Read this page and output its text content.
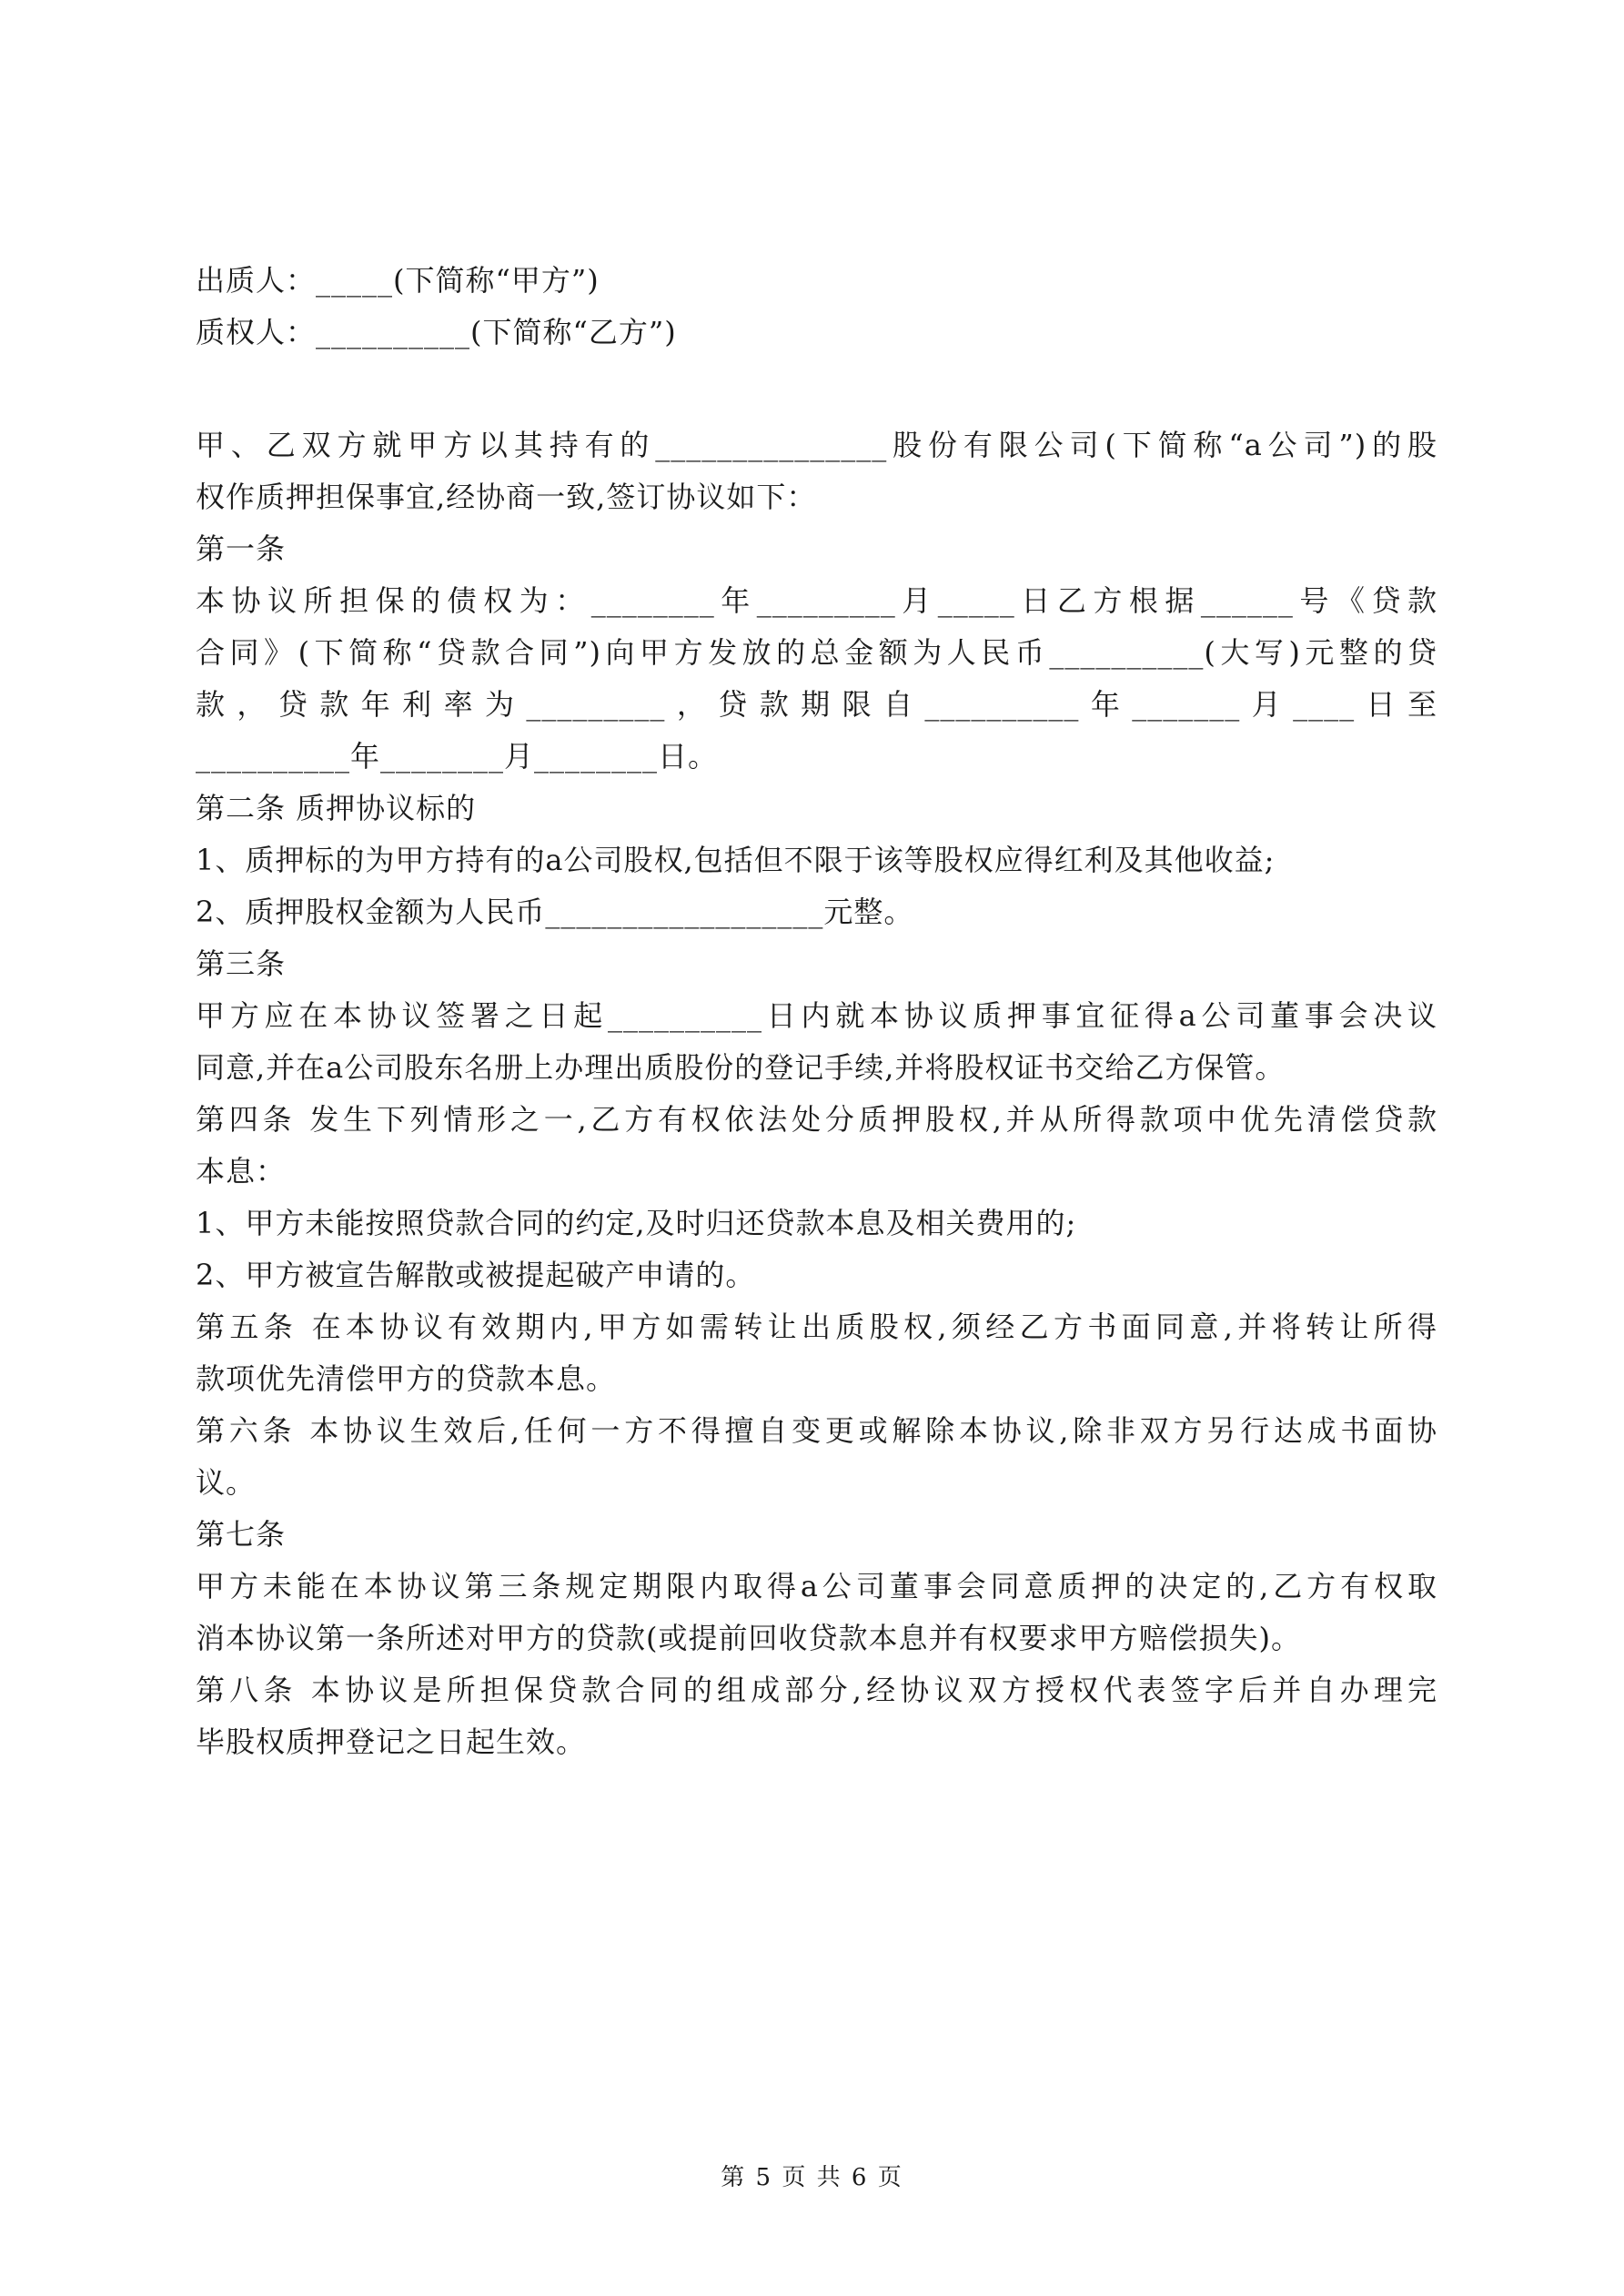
出质人：_____(下简称“甲方”)
质权人：__________(下简称“乙方”)
甲、乙双方就甲方以其持有的_______________股份有限公司(下简称“a公司”)的股
权作质押担保事宜,经协商一致,签订协议如下：
第一条
本协议所担保的债权为：________年_________月_____日乙方根据______号《贷款
合同》(下简称“贷款合同”)向甲方发放的总金额为人民币__________(大写)元整的贷
款，贷款年利率为_________，贷款期限自__________年_______月____日至
__________年________月________日。
第二条 质押协议标的
1、质押标的为甲方持有的a公司股权,包括但不限于该等股权应得红利及其他收益;
2、质押股权金额为人民币__________________元整。
第三条
甲方应在本协议签署之日起__________日内就本协议质押事宜征得a公司董事会决议
同意,并在a公司股东名册上办理出质股份的登记手续,并将股权证书交给乙方保管。
第四条 发生下列情形之一,乙方有权依法处分质押股权,并从所得款项中优先清偿贷款
本息：
1、甲方未能按照贷款合同的约定,及时归还贷款本息及相关费用的;
2、甲方被宣告解散或被提起破产申请的。
第五条 在本协议有效期内,甲方如需转让出质股权,须经乙方书面同意,并将转让所得
款项优先清偿甲方的贷款本息。
第六条 本协议生效后,任何一方不得擅自变更或解除本协议,除非双方另行达成书面协
议。
第七条
甲方未能在本协议第三条规定期限内取得a公司董事会同意质押的决定的,乙方有权取
消本协议第一条所述对甲方的贷款(或提前回收贷款本息并有权要求甲方赔偿损失)。
第八条 本协议是所担保贷款合同的组成部分,经协议双方授权代表签字后并自办理完
毕股权质押登记之日起生效。
第 5 页 共 6 页
